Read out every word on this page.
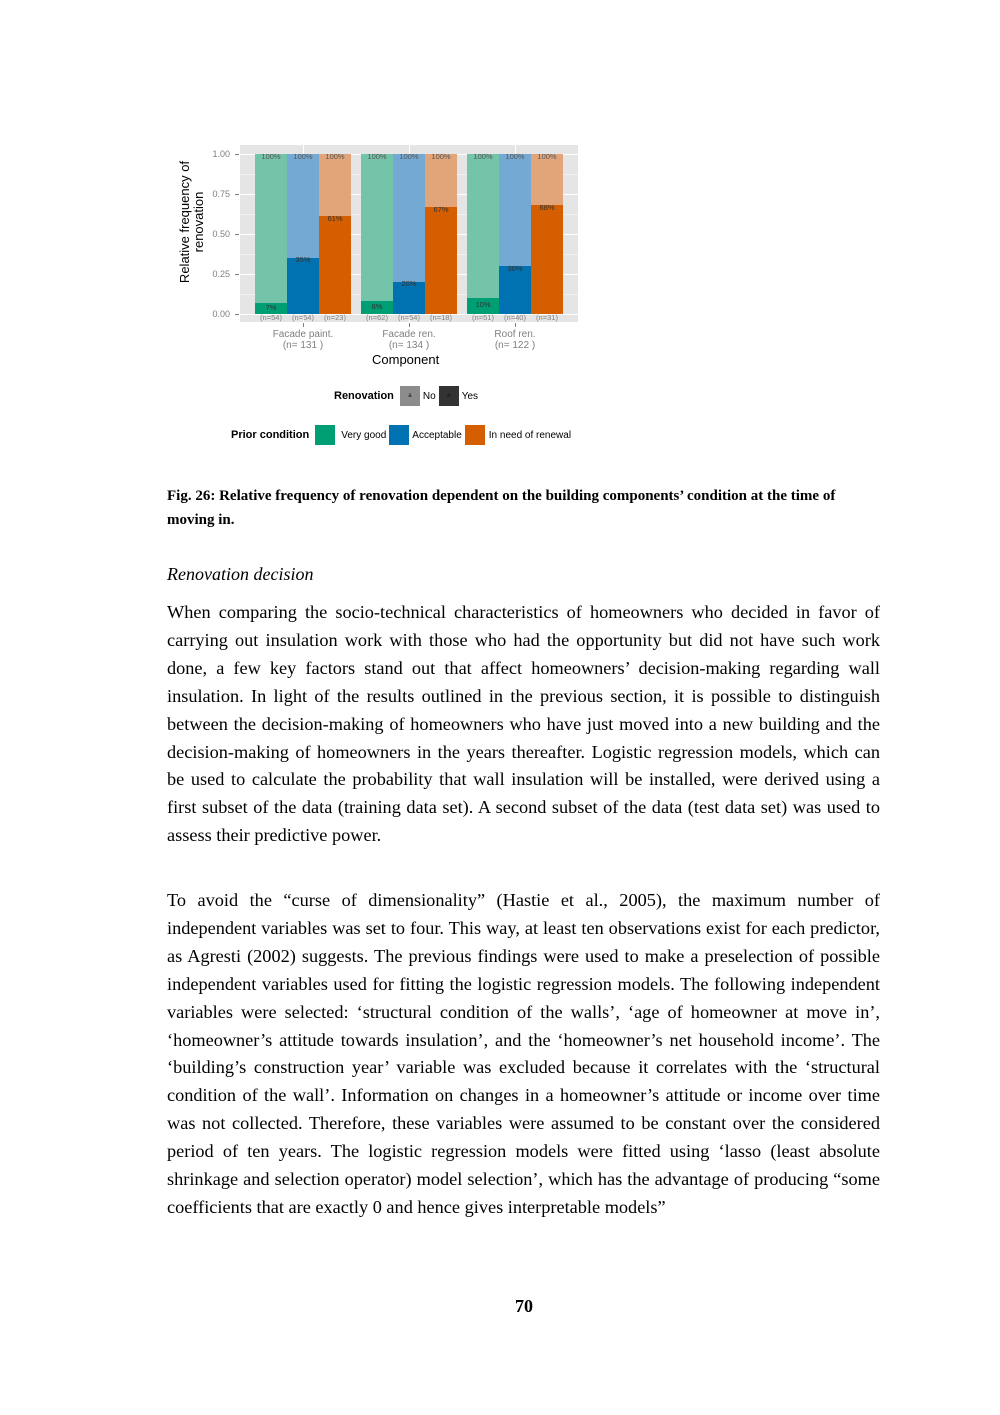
Relative frequency of renovation
1.00
0.75
0.50
0.25
0.00
100%
7%
100%
35%
100%
61%
100%
8%
100%
20%
100%
67%
100%
10%
100%
30%
100%
68%
(n=54)	(n=54)	(n=23)	(n=62)	(n=54)	(n=18)	(n=51)	(n=40)	(n=31)
Facade paint.
(n= 131 )
Facade ren.
(n= 134 )
Roof ren.
(n= 122 )
Component
Renovation a No a Yes
Prior condition	Very good	Acceptable	In need of renewal
Fig. 26: Relative frequency of renovation dependent on the building components’ condition at the time of moving in.
Renovation decision

When comparing the socio-technical characteristics of homeowners who decided in favor of carrying out insulation work with those who had the opportunity but did not have such work done, a few key factors stand out that affect homeowners’ decision-making regarding wall insulation. In light of the results outlined in the previous section, it is possible to distinguish between the decision-making of homeowners who have just moved into a new building and the decision-making of homeowners in the years thereafter. Logistic regression models, which can be used to calculate the probability that wall insulation will be installed, were derived using a first subset of the data (training data set). A second subset of the data (test data set) was used to assess their predictive power.

To avoid the “curse of dimensionality” (Hastie et al., 2005), the maximum number of independent variables was set to four. This way, at least ten observations exist for each predictor, as Agresti (2002) suggests. The previous findings were used to make a preselection of possible independent variables used for fitting the logistic regression models. The following independent variables were selected: ‘structural condition of the walls’, ‘age of homeowner at move in’, ‘homeowner’s attitude towards insulation’, and the ‘homeowner’s net household income’. The ‘building’s construction year’ variable was excluded because it correlates with the ‘structural condition of the wall’. Information on changes in a homeowner’s attitude or income over time was not collected. Therefore, these variables were assumed to be constant over the considered period of ten years. The logistic regression models were fitted using ‘lasso (least absolute shrinkage and selection operator) model selection’, which has the advantage of producing “some coefficients that are exactly 0 and hence gives interpretable models”

70
